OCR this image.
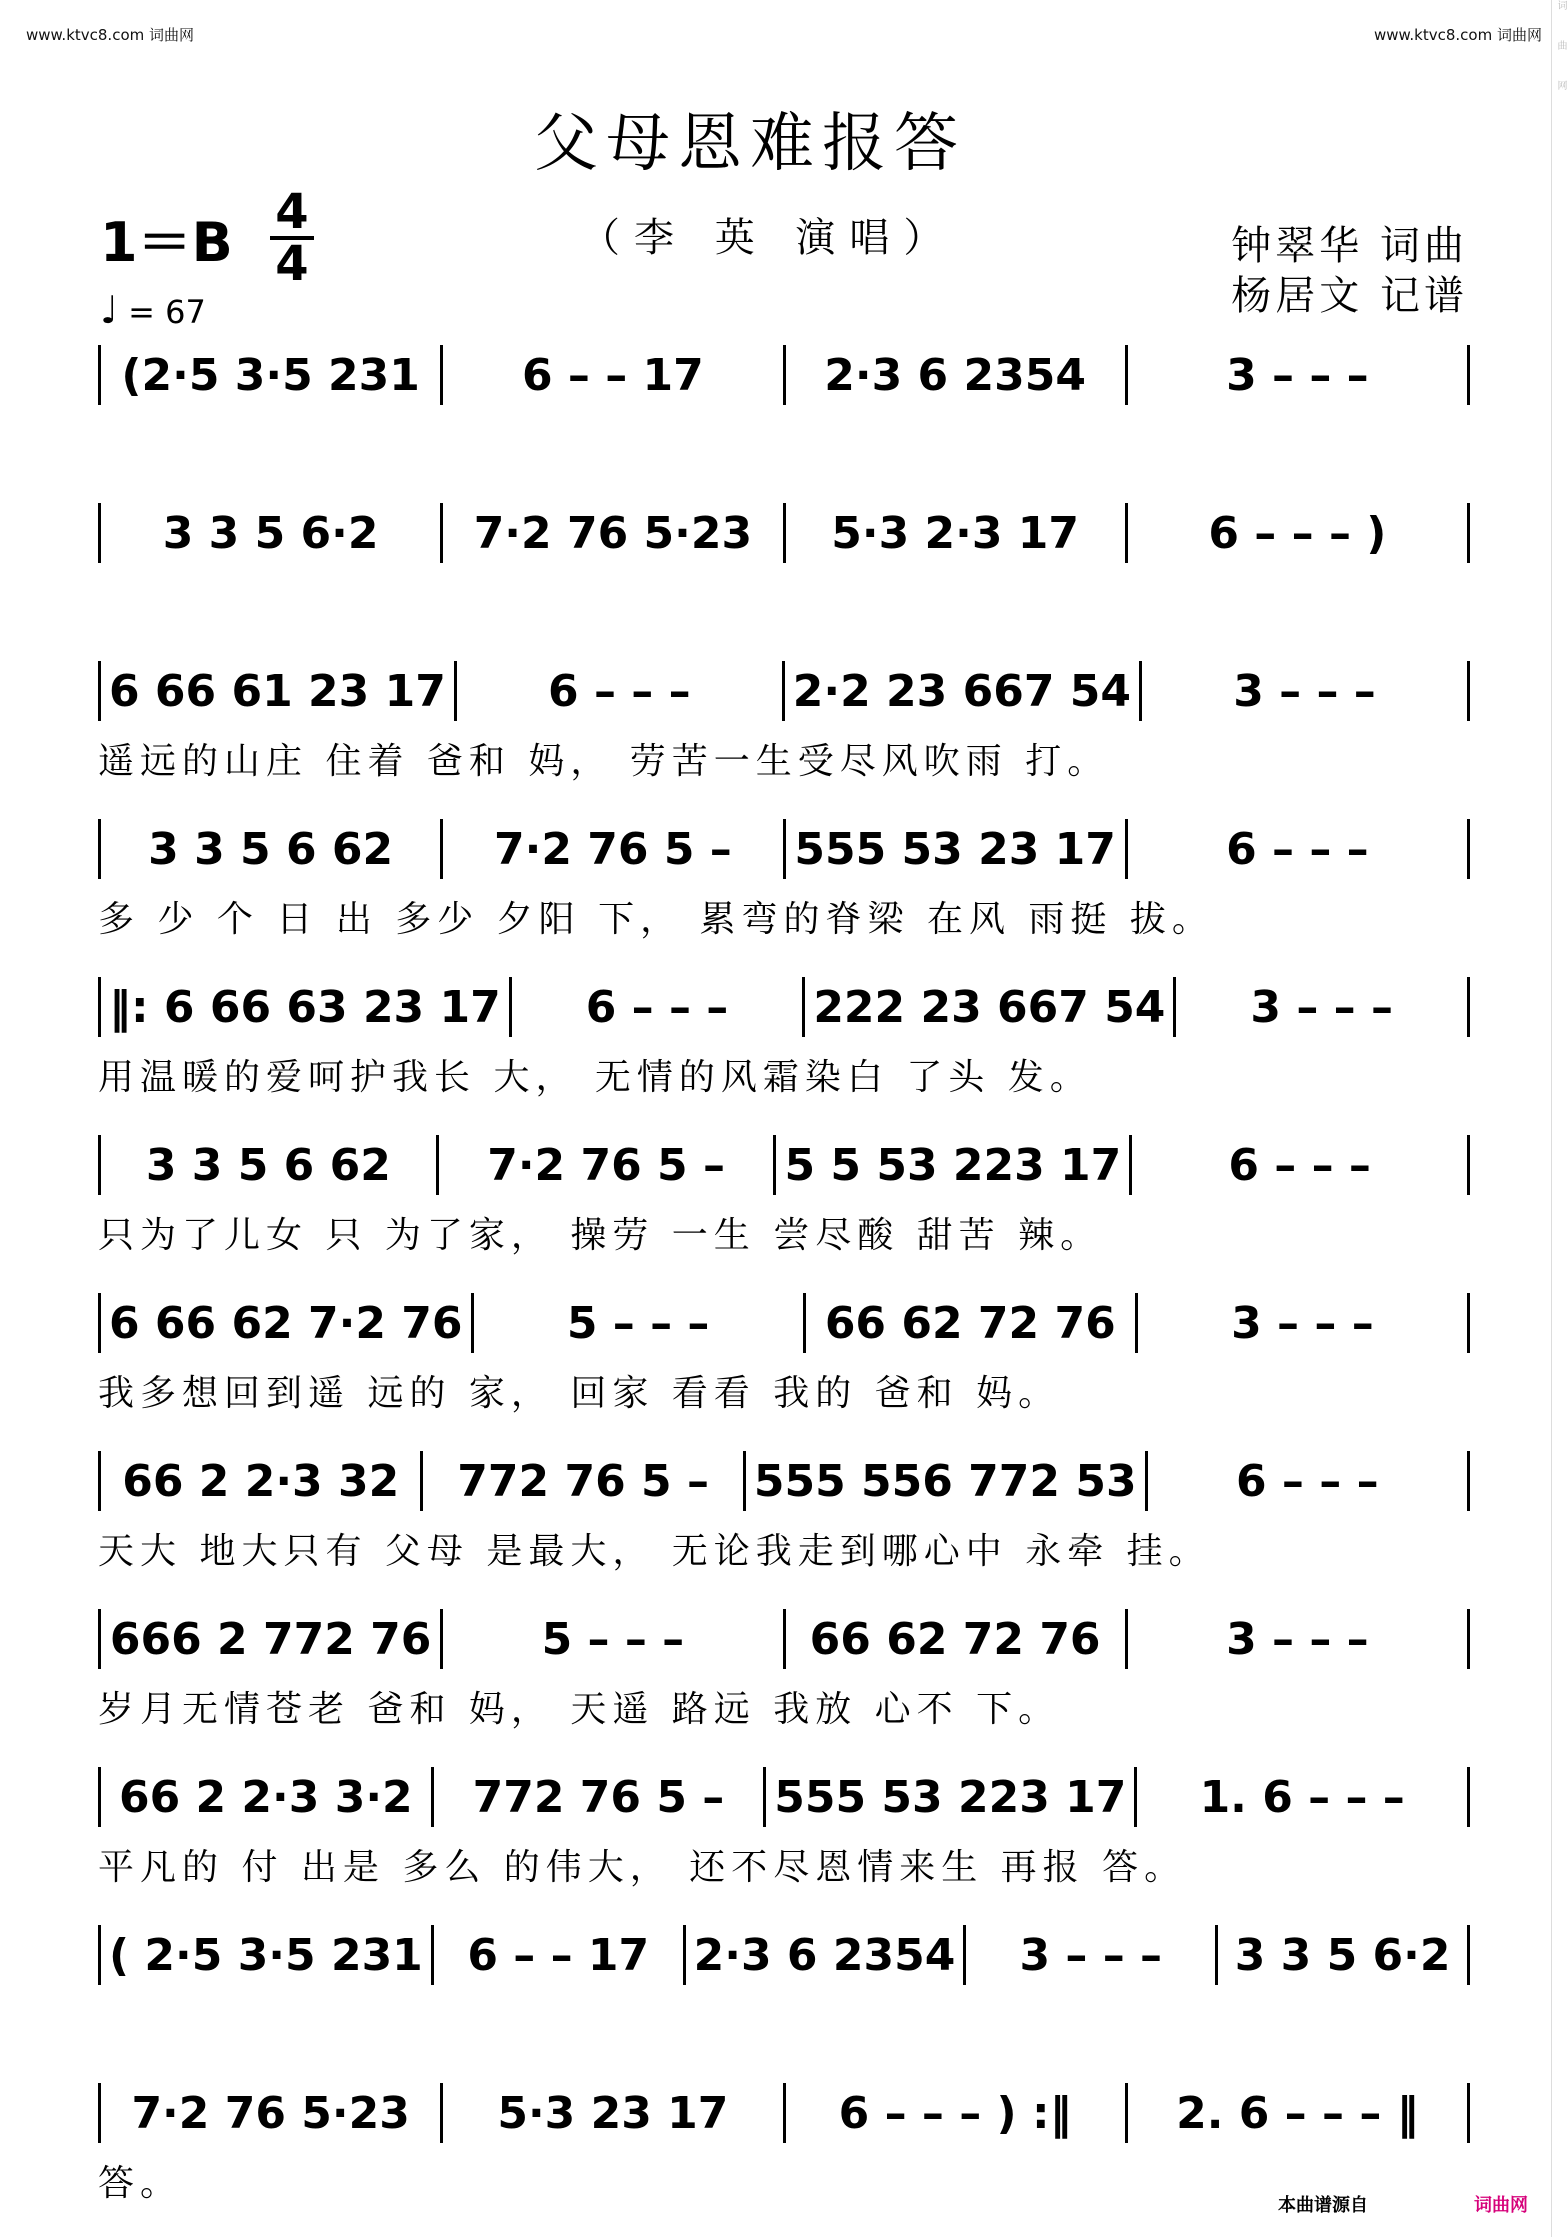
www.ktvc8.com 词曲网	www.ktvc8.com 词曲网	词曲网
父母恩难报答
1＝B 4
4
♩ = 67
（李 英 演唱）	钟翠华 词曲
杨居文 记谱
(2·5 3·5 231	6 – – 17	2·3 6 2354	3 – – –
3 3 5 6·2	7·2 76 5·23	5·3 2·3 17	6 – – – )
6 66 61 23 17	6 – – –	2·2 23 667 54	3 – – –
遥远的山庄 住着 爸和 妈， 劳苦一生受尽风吹雨 打。
3 3 5 6 62	7·2 76 5 –	555 53 23 17	6 – – –
多 少 个 日 出 多少 夕阳 下， 累弯的脊梁 在风 雨挺 拔。
‖: 6 66 63 23 17	6 – – –	222 23 667 54	3 – – –
用温暖的爱呵护我长 大， 无情的风霜染白 了头 发。
3 3 5 6 62	7·2 76 5 –	5 5 53 223 17	6 – – –
只为了儿女 只 为了家， 操劳 一生 尝尽酸 甜苦 辣。
6 66 62 7·2 76	5 – – –	66 62 72 76	3 – – –
我多想回到遥 远的 家， 回家 看看 我的 爸和 妈。
66 2 2·3 32	772 76 5 –	555 556 772 53	6 – – –
天大 地大只有 父母 是最大， 无论我走到哪心中 永牵 挂。
666 2 772 76	5 – – –	66 62 72 76	3 – – –
岁月无情苍老 爸和 妈， 天遥 路远 我放 心不 下。
66 2 2·3 3·2	772 76 5 –	555 53 223 17	1. 6 – – –
平凡的 付 出是 多么 的伟大， 还不尽恩情来生 再报 答。
( 2·5 3·5 231	6 – – 17	2·3 6 2354	3 – – –	3 3 5 6·2
7·2 76 5·23	5·3 23 17	6 – – – ) :‖	2. 6 – – – ‖
答。
本曲谱源自	词曲网
